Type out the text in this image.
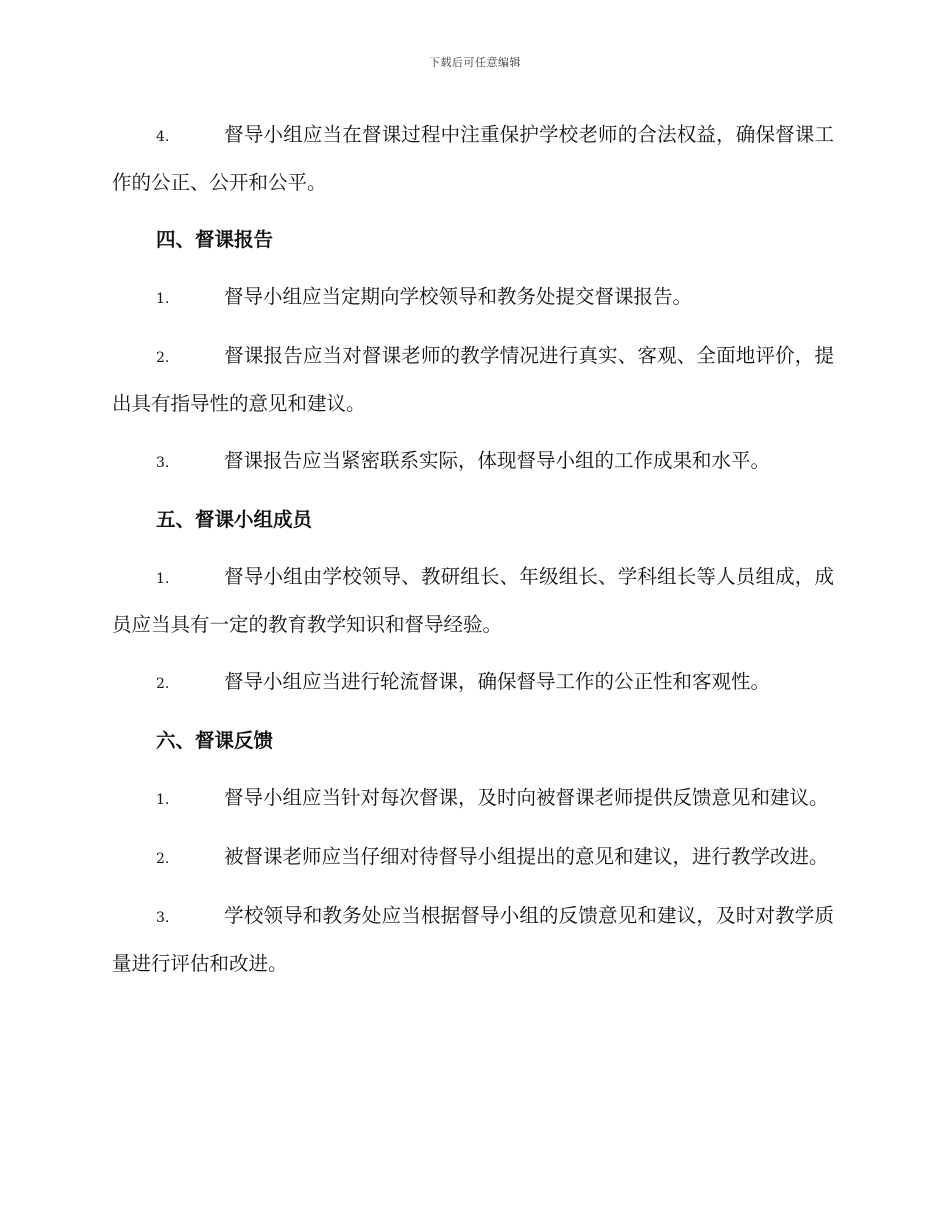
下载后可任意编辑

4.	督导小组应当在督课过程中注重保护学校老师的合法权益，确保督课工作的公正、公开和公平。

四、督课报告

1.	督导小组应当定期向学校领导和教务处提交督课报告。

2.	督课报告应当对督课老师的教学情况进行真实、客观、全面地评价，提出具有指导性的意见和建议。

3.	督课报告应当紧密联系实际，体现督导小组的工作成果和水平。

五、督课小组成员

1.	督导小组由学校领导、教研组长、年级组长、学科组长等人员组成，成员应当具有一定的教育教学知识和督导经验。

2.	督导小组应当进行轮流督课，确保督导工作的公正性和客观性。

六、督课反馈

1.	督导小组应当针对每次督课，及时向被督课老师提供反馈意见和建议。

2.	被督课老师应当仔细对待督导小组提出的意见和建议，进行教学改进。

3.	学校领导和教务处应当根据督导小组的反馈意见和建议，及时对教学质量进行评估和改进。
